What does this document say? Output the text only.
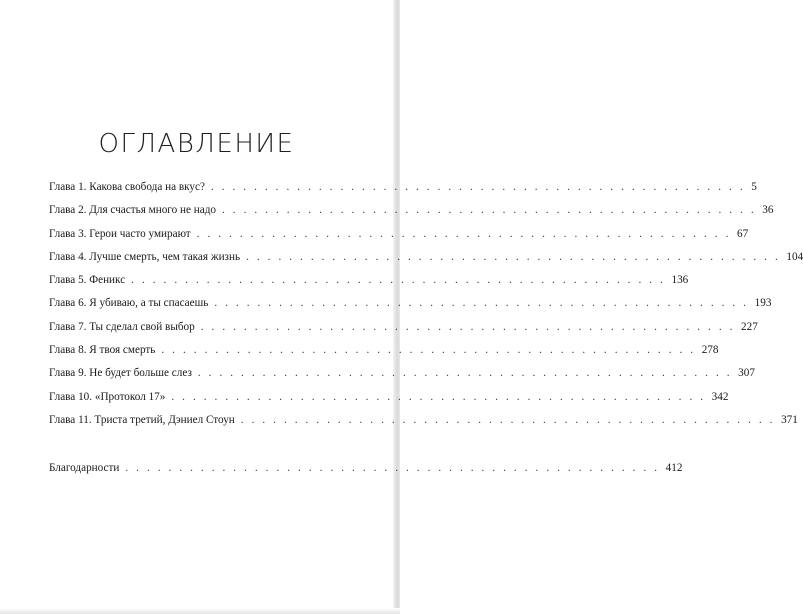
ОГЛАВЛЕНИЕ
Глава 1. Какова свобода на вкус? . . . . . . . . . . . . . . . . . . . . . . . . . . . . . . . . . . . . . . . . . . . . . . . . . . 5
Глава 2. Для счастья много не надо . . . . . . . . . . . . . . . . . . . . . . . . . . . . . . . . . . . . . . . . . . . . . . . . . . 36
Глава 3. Герои часто умирают . . . . . . . . . . . . . . . . . . . . . . . . . . . . . . . . . . . . . . . . . . . . . . . . . . 67
Глава 4. Лучше смерть, чем такая жизнь . . . . . . . . . . . . . . . . . . . . . . . . . . . . . . . . . . . . . . . . . . . . . . . . . . 104
Глава 5. Феникс . . . . . . . . . . . . . . . . . . . . . . . . . . . . . . . . . . . . . . . . . . . . . . . . . . 136
Глава 6. Я убиваю, а ты спасаешь . . . . . . . . . . . . . . . . . . . . . . . . . . . . . . . . . . . . . . . . . . . . . . . . . . 193
Глава 7. Ты сделал свой выбор . . . . . . . . . . . . . . . . . . . . . . . . . . . . . . . . . . . . . . . . . . . . . . . . . . 227
Глава 8. Я твоя смерть . . . . . . . . . . . . . . . . . . . . . . . . . . . . . . . . . . . . . . . . . . . . . . . . . . 278
Глава 9. Не будет больше слез . . . . . . . . . . . . . . . . . . . . . . . . . . . . . . . . . . . . . . . . . . . . . . . . . . 307
Глава 10. «Протокол 17» . . . . . . . . . . . . . . . . . . . . . . . . . . . . . . . . . . . . . . . . . . . . . . . . . . 342
Глава 11. Триста третий, Дэниел Стоун . . . . . . . . . . . . . . . . . . . . . . . . . . . . . . . . . . . . . . . . . . . . . . . . . . 371
Благодарности . . . . . . . . . . . . . . . . . . . . . . . . . . . . . . . . . . . . . . . . . . . . . . . . . . 412
